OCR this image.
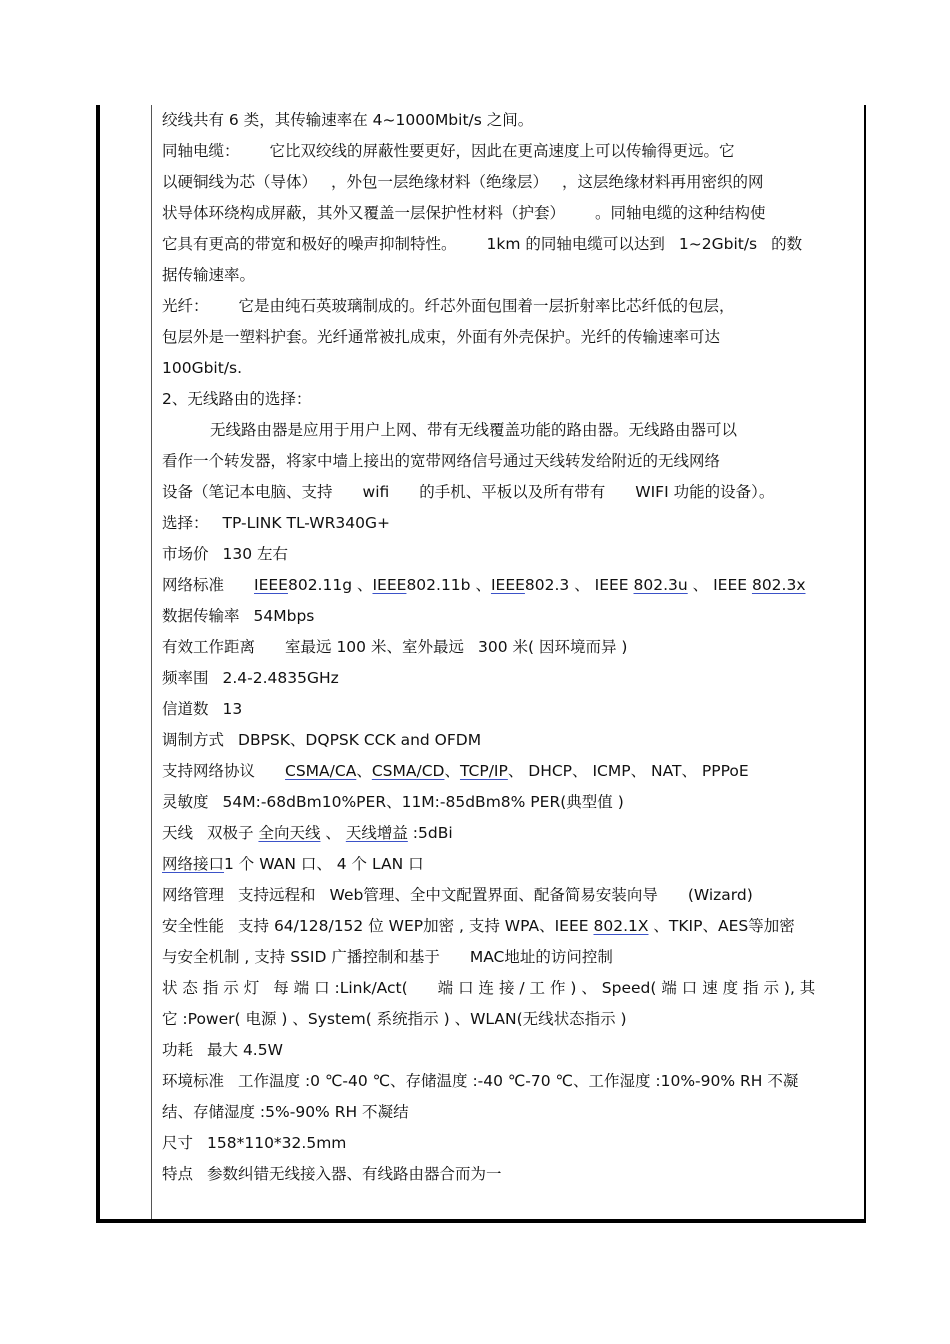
绞线共有 6 类，其传输速率在 4~1000Mbit/s 之间。
同轴电缆： 它比双绞线的屏蔽性要更好，因此在更高速度上可以传输得更远。它
以硬铜线为芯（导体） ，外包一层绝缘材料（绝缘层） ，这层绝缘材料再用密织的网
状导体环绕构成屏蔽，其外又覆盖一层保护性材料（护套） 。同轴电缆的这种结构使
它具有更高的带宽和极好的噪声抑制特性。 1km 的同轴电缆可以达到 1~2Gbit/s 的数
据传输速率。
光纤： 它是由纯石英玻璃制成的。纤芯外面包围着一层折射率比芯纤低的包层，
包层外是一塑料护套。光纤通常被扎成束，外面有外壳保护。光纤的传输速率可达
100Gbit/s.
2、无线路由的选择：
无线路由器是应用于用户上网、带有无线覆盖功能的路由器。无线路由器可以
看作一个转发器，将家中墙上接出的宽带网络信号通过天线转发给附近的无线网络
设备（笔记本电脑、支持 wifi 的手机、平板以及所有带有 WIFI 功能的设备）。
选择： TP-LINK TL-WR340G+
市场价 130 左右
网络标准 IEEE802.11g 、IEEE802.11b 、IEEE802.3 、 IEEE 802.3u 、 IEEE 802.3x
数据传输率 54Mbps
有效工作距离 室最远 100 米、室外最远 300 米( 因环境而异 )
频率围 2.4-2.4835GHz
信道数 13
调制方式 DBPSK、DQPSK CCK and OFDM
支持网络协议 CSMA/CA、CSMA/CD、TCP/IP、 DHCP、 ICMP、 NAT、 PPPoE
灵敏度 54M:-68dBm10%PER、11M:-85dBm8% PER(典型值 )
天线 双极子 全向天线 、 天线增益 :5dBi
网络接口1 个 WAN 口、 4 个 LAN 口
网络管理 支持远程和 Web管理、全中文配置界面、配备简易安装向导 (Wizard)
安全性能 支持 64/128/152 位 WEP加密 , 支持 WPA、IEEE 802.1X 、TKIP、AES等加密
与安全机制 , 支持 SSID 广播控制和基于 MAC地址的访问控制
状 态 指 示 灯 每 端 口 :Link/Act( 端 口 连 接 / 工 作 ) 、 Speed( 端 口 速 度 指 示 ), 其
它 :Power( 电源 ) 、System( 系统指示 ) 、WLAN(无线状态指示 )
功耗 最大 4.5W
环境标准 工作温度 :0 ℃-40 ℃、存储温度 :-40 ℃-70 ℃、工作湿度 :10%-90% RH 不凝
结、存储湿度 :5%-90% RH 不凝结
尺寸 158*110*32.5mm
特点 参数纠错无线接入器、有线路由器合而为一
